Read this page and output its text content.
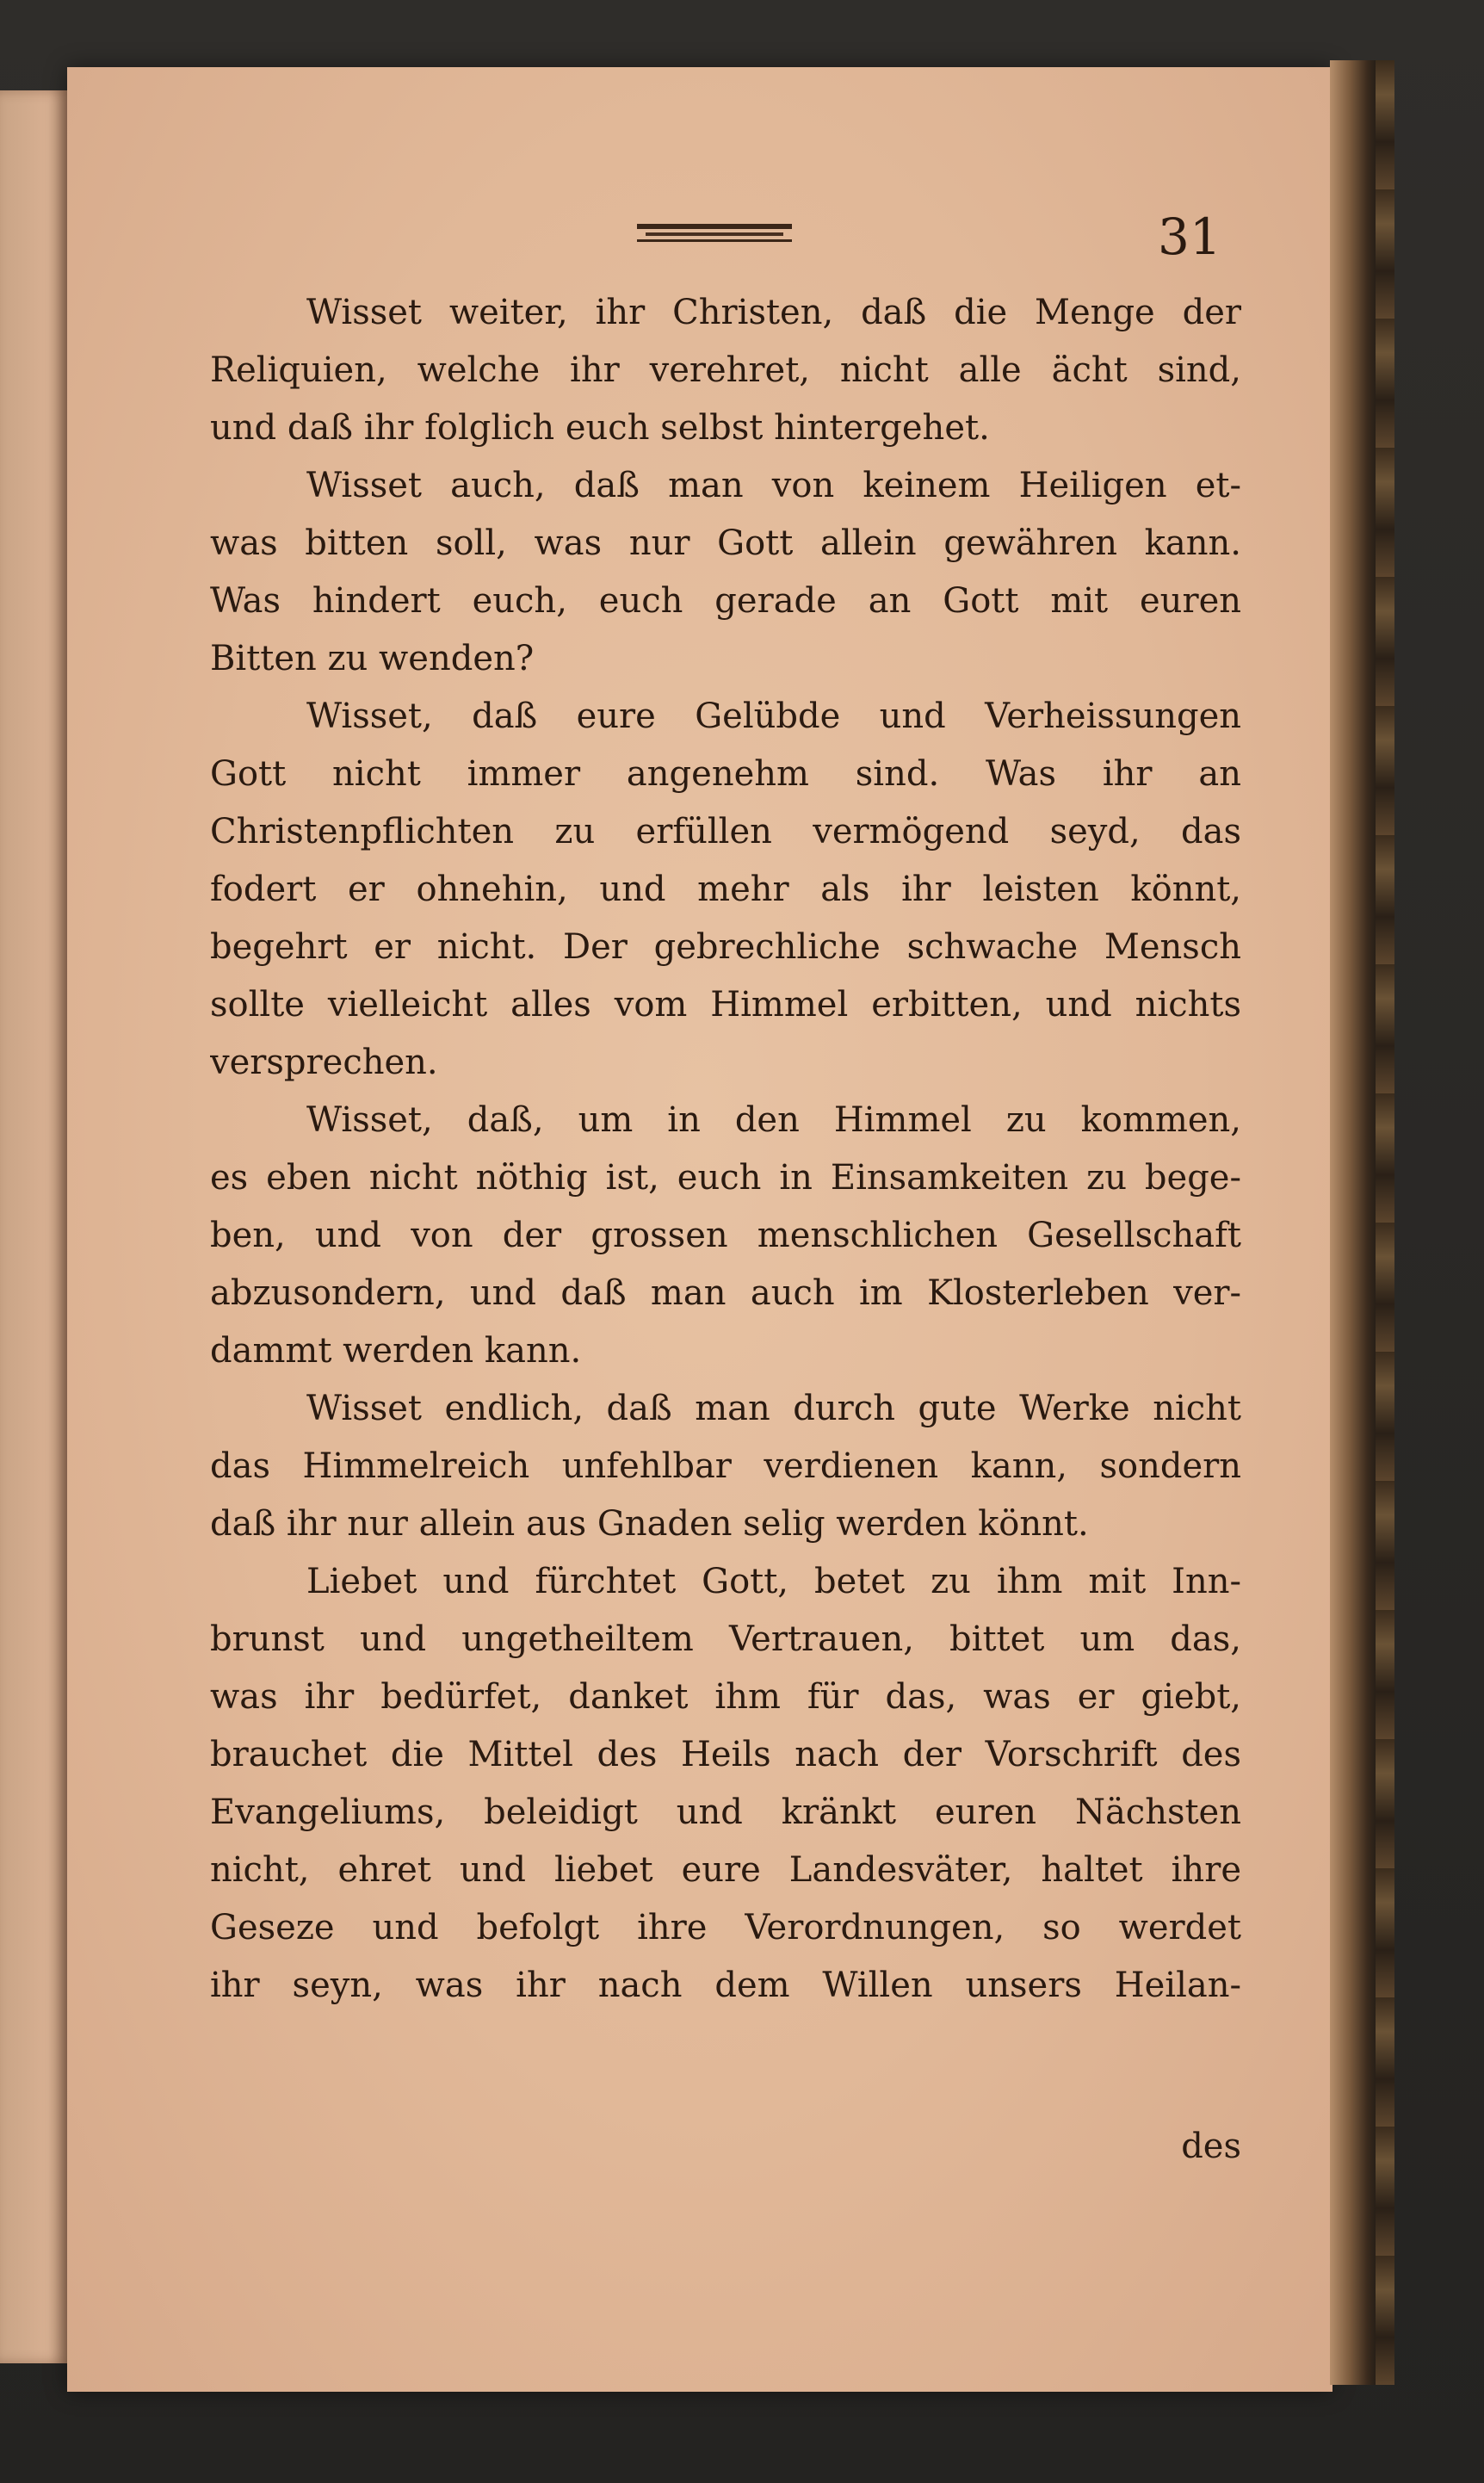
31
Wisset weiter, ihr Christen, daß die Menge der
Reliquien, welche ihr verehret, nicht alle ächt sind,
und daß ihr folglich euch selbst hintergehet.
Wisset auch, daß man von keinem Heiligen et-
was bitten soll, was nur Gott allein gewähren kann.
Was hindert euch, euch gerade an Gott mit euren
Bitten zu wenden?
Wisset, daß eure Gelübde und Verheissungen
Gott nicht immer angenehm sind. Was ihr an
Christenpflichten zu erfüllen vermögend seyd, das
fodert er ohnehin, und mehr als ihr leisten könnt,
begehrt er nicht. Der gebrechliche schwache Mensch
sollte vielleicht alles vom Himmel erbitten, und nichts
versprechen.
Wisset, daß, um in den Himmel zu kommen,
es eben nicht nöthig ist, euch in Einsamkeiten zu bege-
ben, und von der grossen menschlichen Gesellschaft
abzusondern, und daß man auch im Klosterleben ver-
dammt werden kann.
Wisset endlich, daß man durch gute Werke nicht
das Himmelreich unfehlbar verdienen kann, sondern
daß ihr nur allein aus Gnaden selig werden könnt.
Liebet und fürchtet Gott, betet zu ihm mit Inn-
brunst und ungetheiltem Vertrauen, bittet um das,
was ihr bedürfet, danket ihm für das, was er giebt,
brauchet die Mittel des Heils nach der Vorschrift des
Evangeliums, beleidigt und kränkt euren Nächsten
nicht, ehret und liebet eure Landesväter, haltet ihre
Geseze und befolgt ihre Verordnungen, so werdet
ihr seyn, was ihr nach dem Willen unsers Heilan-
des
